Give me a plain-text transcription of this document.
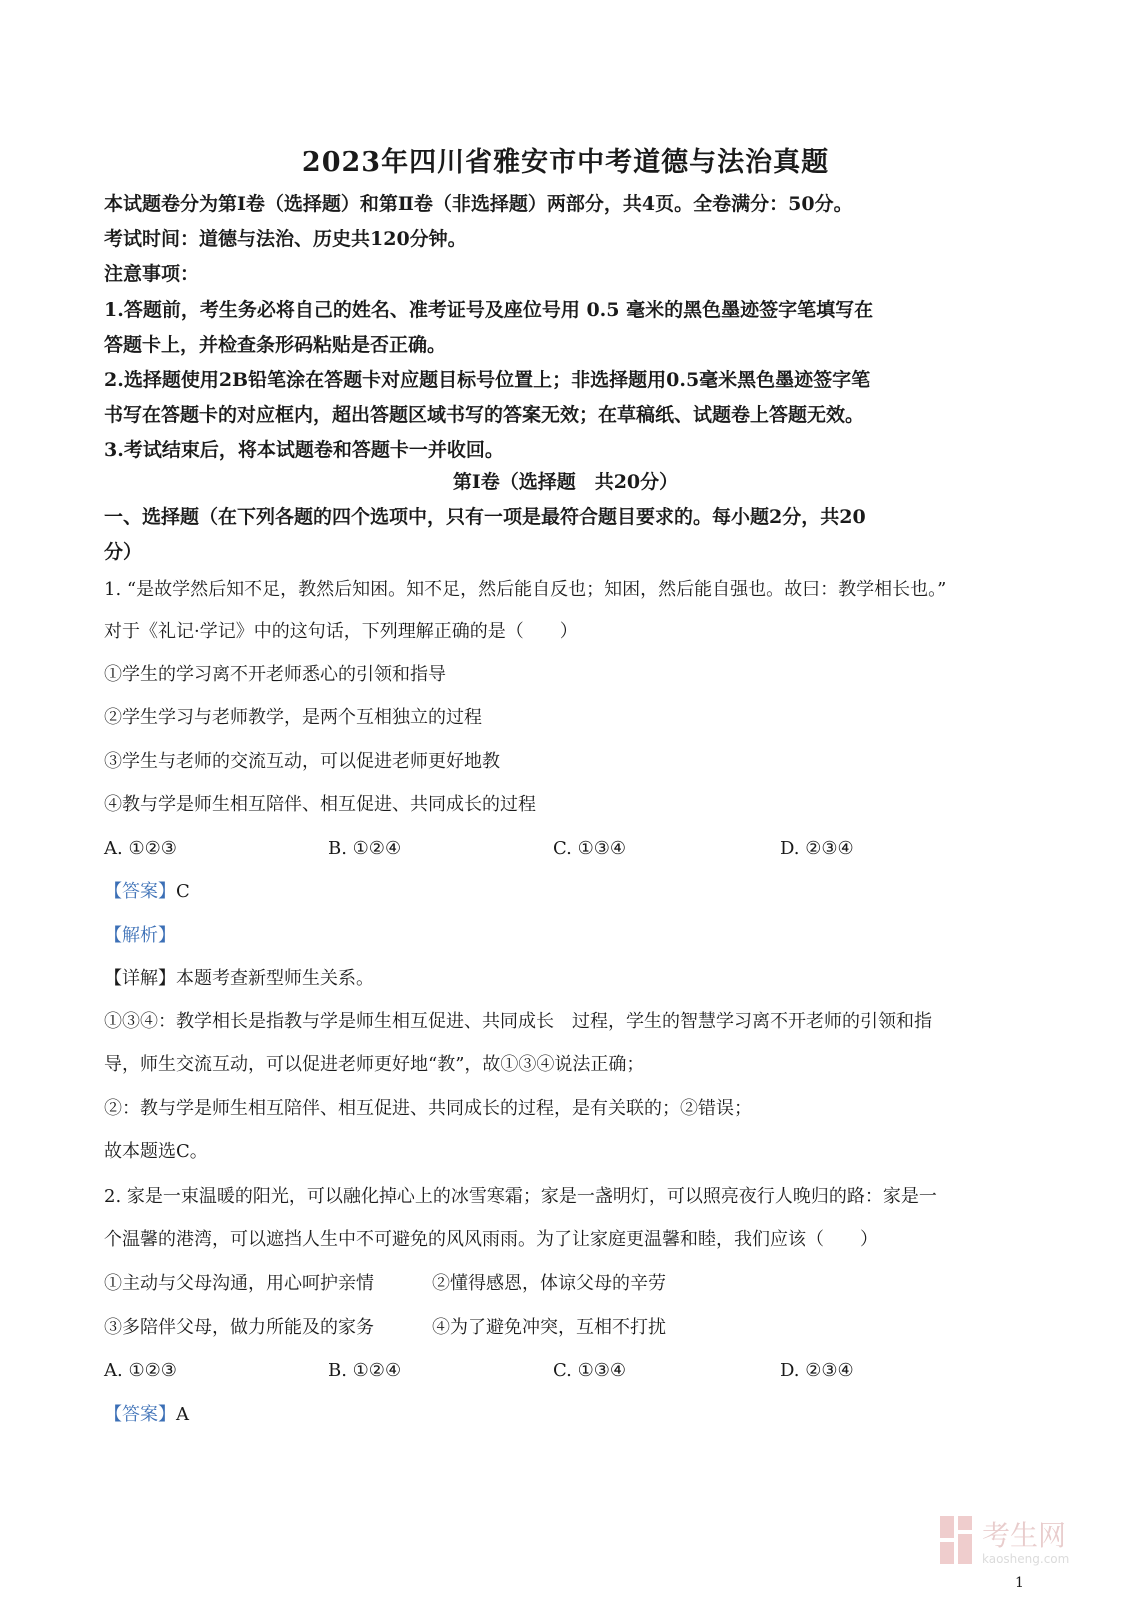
2023年四川省雅安市中考道德与法治真题
本试题卷分为第Ⅰ卷（选择题）和第Ⅱ卷（非选择题）两部分，共4页。全卷满分：50分。
考试时间：道德与法治、历史共120分钟。
注意事项：
1.答题前，考生务必将自己的姓名、准考证号及座位号用 0.5 毫米的黑色墨迹签字笔填写在
答题卡上，并检查条形码粘贴是否正确。
2.选择题使用2B铅笔涂在答题卡对应题目标号位置上；非选择题用0.5毫米黑色墨迹签字笔
书写在答题卡的对应框内，超出答题区域书写的答案无效；在草稿纸、试题卷上答题无效。
3.考试结束后，将本试题卷和答题卡一并收回。
第Ⅰ卷（选择题　共20分）
一、选择题（在下列各题的四个选项中，只有一项是最符合题目要求的。每小题2分，共20
分）
1. “是故学然后知不足，教然后知困。知不足，然后能自反也；知困，然后能自强也。故曰：教学相长也。”
对于《礼记·学记》中的这句话，下列理解正确的是（　　）
①学生的学习离不开老师悉心的引领和指导
②学生学习与老师教学，是两个互相独立的过程
③学生与老师的交流互动，可以促进老师更好地教
④教与学是师生相互陪伴、相互促进、共同成长的过程
A. ①②③	B. ①②④	C. ①③④	D. ②③④
【答案】C
【解析】
【详解】本题考查新型师生关系。
①③④：教学相长是指教与学是师生相互促进、共同成长　过程，学生的智慧学习离不开老师的引领和指
导，师生交流互动，可以促进老师更好地“教”，故①③④说法正确；
②：教与学是师生相互陪伴、相互促进、共同成长的过程，是有关联的；②错误；
故本题选C。
2. 家是一束温暖的阳光，可以融化掉心上的冰雪寒霜；家是一盏明灯，可以照亮夜行人晚归的路：家是一
个温馨的港湾，可以遮挡人生中不可避免的风风雨雨。为了让家庭更温馨和睦，我们应该（　　）
①主动与父母沟通，用心呵护亲情	②懂得感恩，体谅父母的辛劳
③多陪伴父母，做力所能及的家务	④为了避免冲突，互相不打扰
A. ①②③	B. ①②④	C. ①③④	D. ②③④
【答案】A
考生网
kaosheng.com
1
